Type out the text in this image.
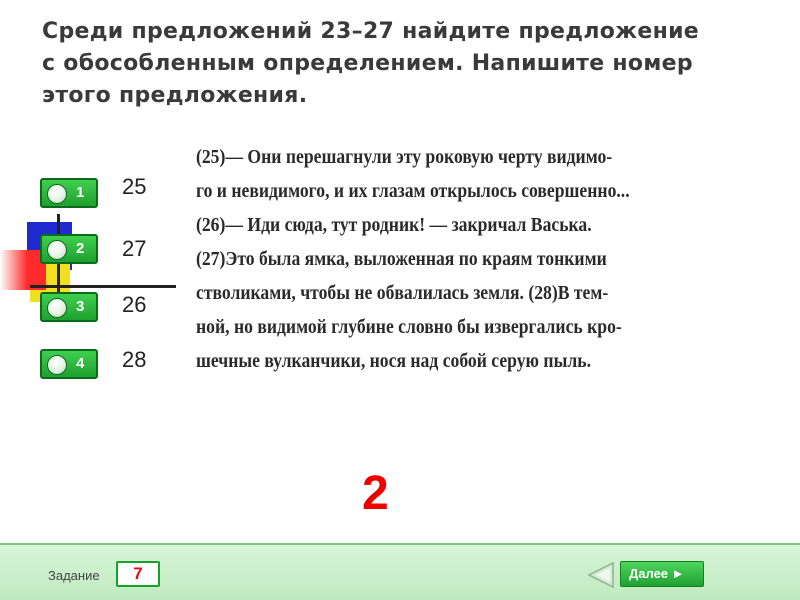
Среди предложений 23–27 найдите предложение
с обособленным определением. Напишите номер
этого предложения.
(25)— Они перешагнули эту роковую черту видимо-
го и невидимого, и их глазам открылось совершенно...
(26)— Иди сюда, тут родник! — закричал Васька.
(27)Это была ямка, выложенная по краям тонкими
стволиками, чтобы не обвалилась земля. (28)В тем-
ной, но видимой глубине словно бы извергались кро-
шечные вулканчики, нося над собой серую пыль.
1 25
2 27
3 26
4 28
2
Задание	7	Далее ►
